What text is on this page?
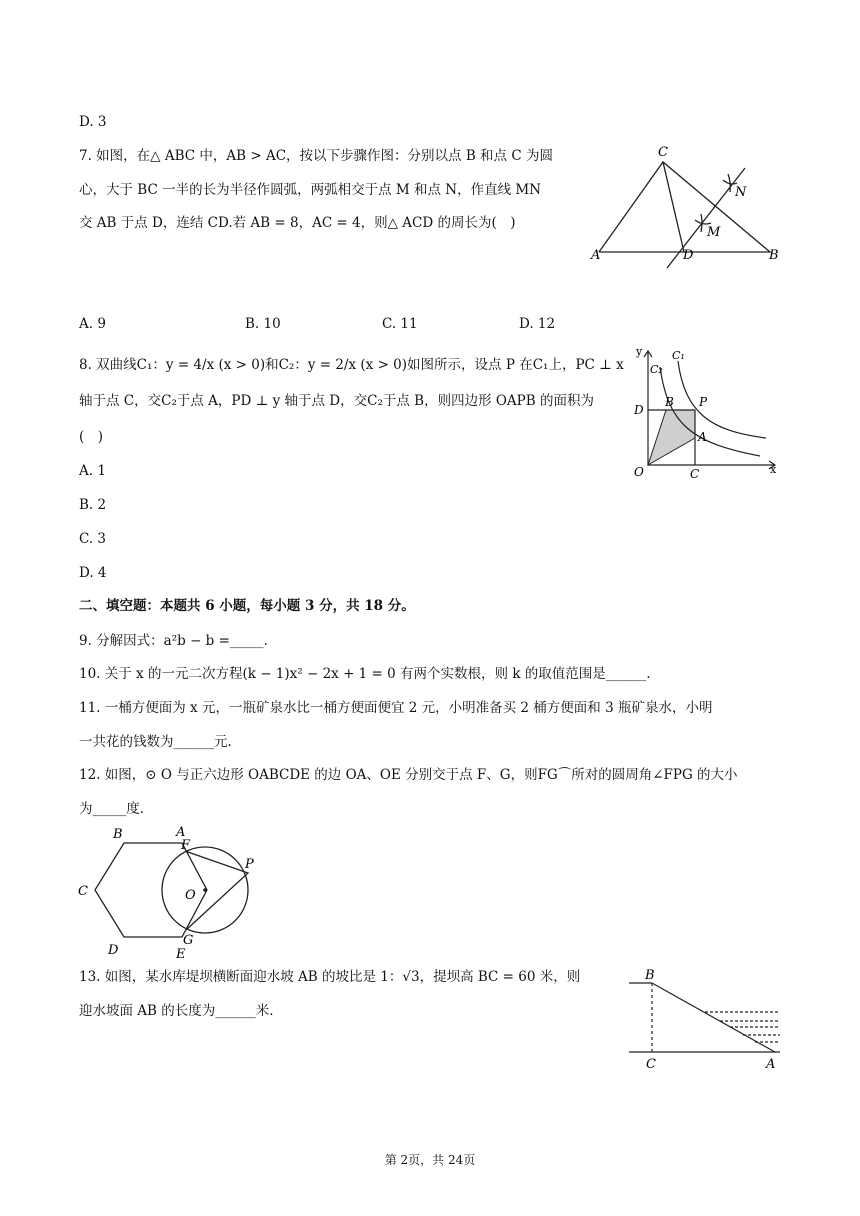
D. 3
7. 如图，在△ ABC 中，AB > AC，按以下步骤作图：分别以点 B 和点 C 为圆
心，大于 BC 一半的长为半径作圆弧，两弧相交于点 M 和点 N，作直线 MN
交 AB 于点 D，连结 CD.若 AB = 8，AC = 4，则△ ACD 的周长为(　)
A. 9	B. 10	C. 11	D. 12
8. 双曲线C₁：y = 4/x (x > 0)和C₂：y = 2/x (x > 0)如图所示，设点 P 在C₁上，PC ⊥ x
轴于点 C，交C₂于点 A，PD ⊥ y 轴于点 D，交C₂于点 B，则四边形 OAPB 的面积为
(　)
A. 1
B. 2
C. 3
D. 4
二、填空题：本题共 6 小题，每小题 3 分，共 18 分。
9. 分解因式：a²b − b =_____.
10. 关于 x 的一元二次方程(k − 1)x² − 2x + 1 = 0 有两个实数根，则 k 的取值范围是______.
11. 一桶方便面为 x 元，一瓶矿泉水比一桶方便面便宜 2 元，小明准备买 2 桶方便面和 3 瓶矿泉水，小明
一共花的钱数为______元.
12. 如图，⊙ O 与正六边形 OABCDE 的边 OA、OE 分别交于点 F、G，则FG⌒所对的圆周角∠FPG 的大小
为_____度.
13. 如图，某水库堤坝横断面迎水坡 AB 的坡比是 1：√3，提坝高 BC = 60 米，则
迎水坡面 AB 的长度为______米.
A	B
C
D
M
N
y
x
C₁
C₂
D
B P
A
O	C
B	A
F
C	O
P
D
G
E
B
C	A
第 2页，共 24页
